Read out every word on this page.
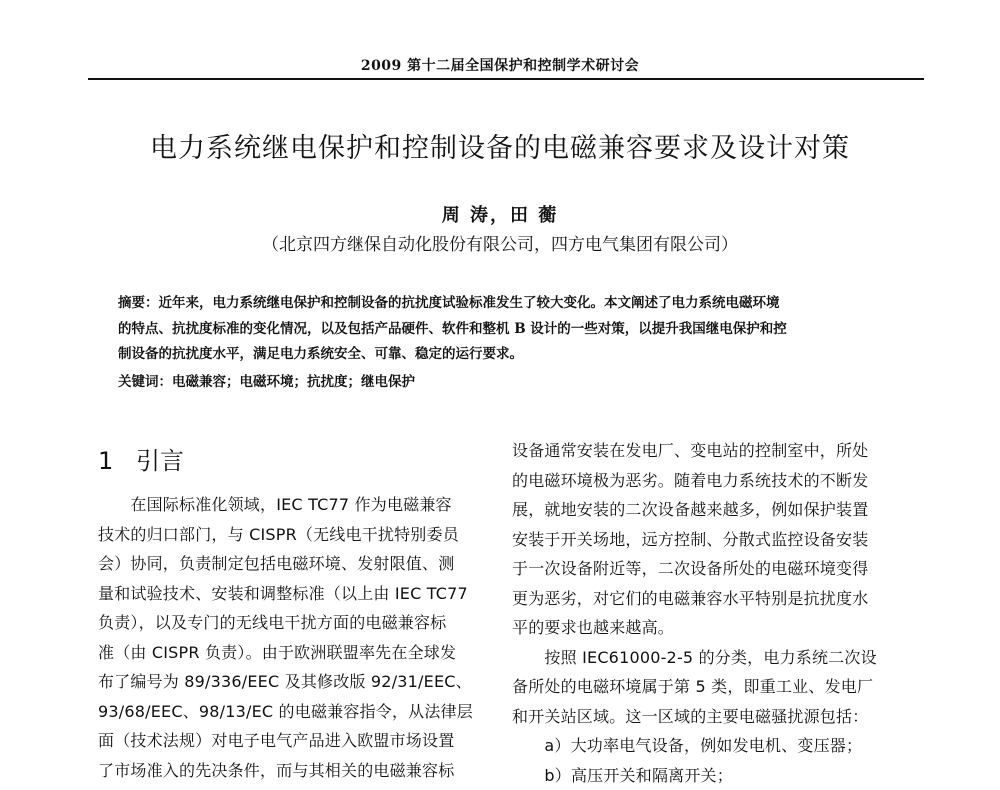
2009 第十二届全国保护和控制学术研讨会
电力系统继电保护和控制设备的电磁兼容要求及设计对策
周 涛，田 蘅
（北京四方继保自动化股份有限公司，四方电气集团有限公司）
摘要：近年来，电力系统继电保护和控制设备的抗扰度试验标准发生了较大变化。本文阐述了电力系统电磁环境
的特点、抗扰度标准的变化情况，以及包括产品硬件、软件和整机 B 设计的一些对策，以提升我国继电保护和控
制设备的抗扰度水平，满足电力系统安全、可靠、稳定的运行要求。
关键词：电磁兼容；电磁环境；抗扰度；继电保护
1 引言
　　在国际标准化领域，IEC TC77 作为电磁兼容
技术的归口部门，与 CISPR（无线电干扰特别委员
会）协同，负责制定包括电磁环境、发射限值、测
量和试验技术、安装和调整标准（以上由 IEC TC77
负责），以及专门的无线电干扰方面的电磁兼容标
准（由 CISPR 负责）。由于欧洲联盟率先在全球发
布了编号为 89/336/EEC 及其修改版 92/31/EEC、
93/68/EEC、98/13/EC 的电磁兼容指令，从法律层
面（技术法规）对电子电气产品进入欧盟市场设置
了市场准入的先决条件，而与其相关的电磁兼容标
设备通常安装在发电厂、变电站的控制室中，所处
的电磁环境极为恶劣。随着电力系统技术的不断发
展，就地安装的二次设备越来越多，例如保护装置
安装于开关场地，远方控制、分散式监控设备安装
于一次设备附近等，二次设备所处的电磁环境变得
更为恶劣，对它们的电磁兼容水平特别是抗扰度水
平的要求也越来越高。
　　按照 IEC61000-2-5 的分类，电力系统二次设
备所处的电磁环境属于第 5 类，即重工业、发电厂
和开关站区域。这一区域的主要电磁骚扰源包括：
　　a）大功率电气设备，例如发电机、变压器；
　　b）高压开关和隔离开关；
